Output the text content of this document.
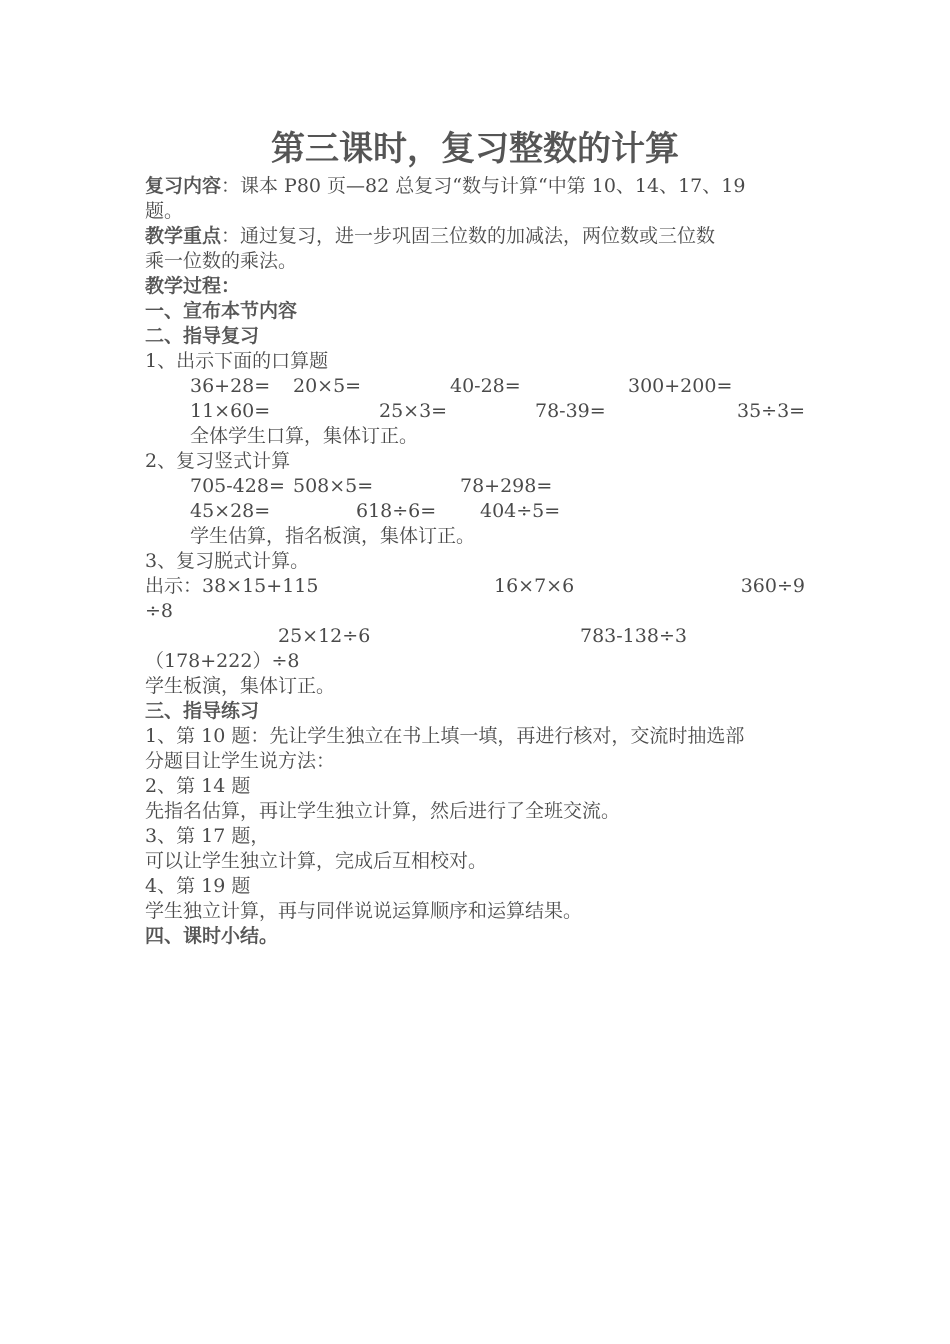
第三课时，复习整数的计算
复习内容：课本 P80 页—82 总复习“数与计算“中第 10、14、17、19
题。
教学重点：通过复习，进一步巩固三位数的加减法，两位数或三位数
乘一位数的乘法。
教学过程：
一、宣布本节内容
二、指导复习
1、出示下面的口算题
36+28= 20×5=	40-28=	300+200=
11×60=	25×3=	78-39=	35÷3=
全体学生口算，集体订正。
2、复习竖式计算
705-428= 508×5=	78+298=
45×28=	618÷6= 404÷5=
学生估算，指名板演，集体订正。
3、复习脱式计算。
出示：38×15+115	16×7×6	360÷9
÷8
25×12÷6	783-138÷3
（178+222）÷8
学生板演，集体订正。
三、指导练习
1、第 10 题：先让学生独立在书上填一填，再进行核对，交流时抽选部
分题目让学生说方法：
2、第 14 题
先指名估算，再让学生独立计算，然后进行了全班交流。
3、第 17 题，
可以让学生独立计算，完成后互相校对。
4、第 19 题
学生独立计算，再与同伴说说运算顺序和运算结果。
四、课时小结。
